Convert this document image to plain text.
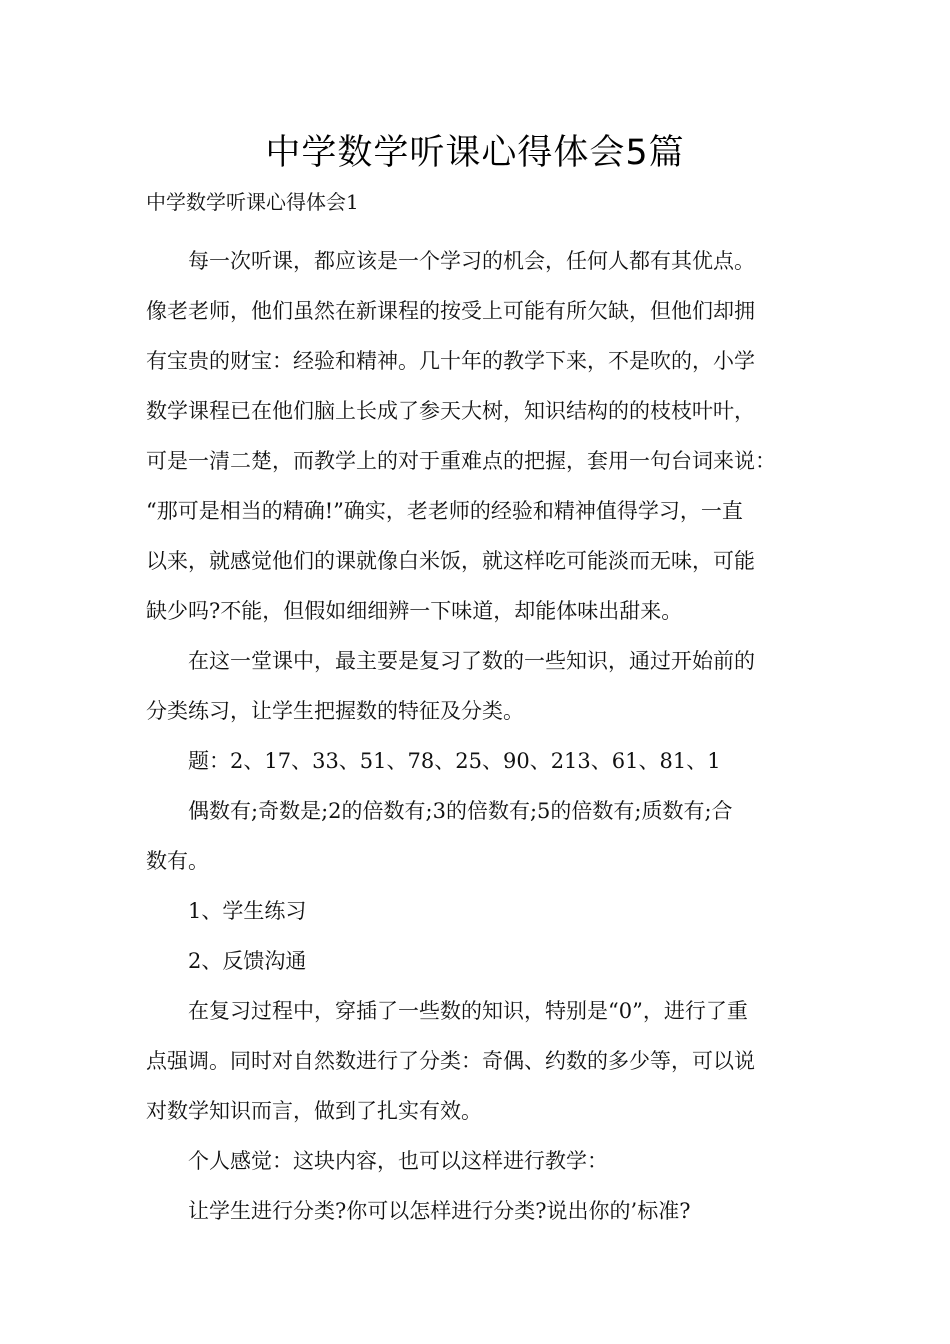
中学数学听课心得体会5篇
中学数学听课心得体会1
每一次听课，都应该是一个学习的机会，任何人都有其优点。
像老老师，他们虽然在新课程的按受上可能有所欠缺，但他们却拥
有宝贵的财宝：经验和精神。几十年的教学下来，不是吹的，小学
数学课程已在他们脑上长成了参天大树，知识结构的的枝枝叶叶，
可是一清二楚，而教学上的对于重难点的把握，套用一句台词来说：
“那可是相当的精确!”确实，老老师的经验和精神值得学习，一直
以来，就感觉他们的课就像白米饭，就这样吃可能淡而无味，可能
缺少吗?不能，但假如细细辨一下味道，却能体味出甜来。
在这一堂课中，最主要是复习了数的一些知识，通过开始前的
分类练习，让学生把握数的特征及分类。
题：2、17、33、51、78、25、90、213、61、81、1
偶数有;奇数是;2的倍数有;3的倍数有;5的倍数有;质数有;合
数有。
1、学生练习
2、反馈沟通
在复习过程中，穿插了一些数的知识，特别是“0”，进行了重
点强调。同时对自然数进行了分类：奇偶、约数的多少等，可以说
对数学知识而言，做到了扎实有效。
个人感觉：这块内容，也可以这样进行教学：
让学生进行分类?你可以怎样进行分类?说出你的’标准?
